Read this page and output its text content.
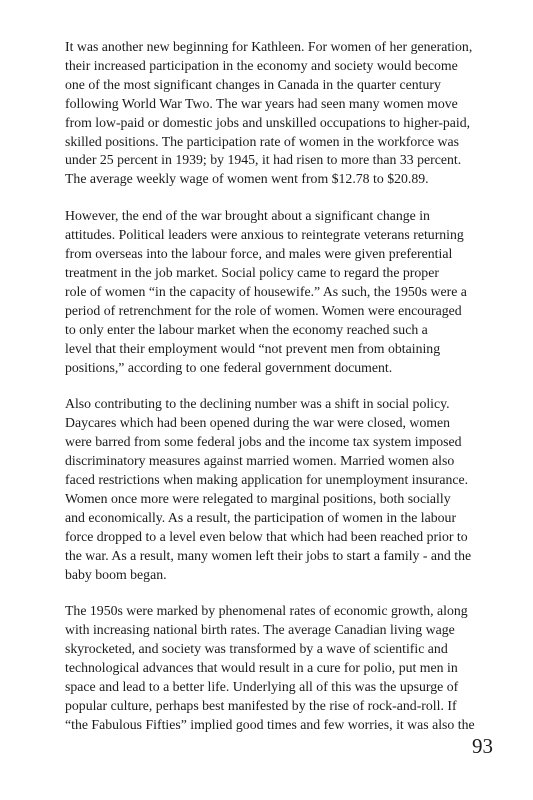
It was another new beginning for Kathleen. For women of her generation,
their increased participation in the economy and society would become
one of the most significant changes in Canada in the quarter century
following World War Two. The war years had seen many women move
from low-paid or domestic jobs and unskilled occupations to higher-paid,
skilled positions. The participation rate of women in the workforce was
under 25 percent in 1939; by 1945, it had risen to more than 33 percent.
The average weekly wage of women went from $12.78 to $20.89.

However, the end of the war brought about a significant change in
attitudes. Political leaders were anxious to reintegrate veterans returning
from overseas into the labour force, and males were given preferential
treatment in the job market. Social policy came to regard the proper
role of women “in the capacity of housewife.” As such, the 1950s were a
period of retrenchment for the role of women. Women were encouraged
to only enter the labour market when the economy reached such a
level that their employment would “not prevent men from obtaining
positions,” according to one federal government document.

Also contributing to the declining number was a shift in social policy.
Daycares which had been opened during the war were closed, women
were barred from some federal jobs and the income tax system imposed
discriminatory measures against married women. Married women also
faced restrictions when making application for unemployment insurance.
Women once more were relegated to marginal positions, both socially
and economically. As a result, the participation of women in the labour
force dropped to a level even below that which had been reached prior to
the war. As a result, many women left their jobs to start a family - and the
baby boom began.

The 1950s were marked by phenomenal rates of economic growth, along
with increasing national birth rates. The average Canadian living wage
skyrocketed, and society was transformed by a wave of scientific and
technological advances that would result in a cure for polio, put men in
space and lead to a better life. Underlying all of this was the upsurge of
popular culture, perhaps best manifested by the rise of rock-and-roll. If
“the Fabulous Fifties” implied good times and few worries, it was also the

93
